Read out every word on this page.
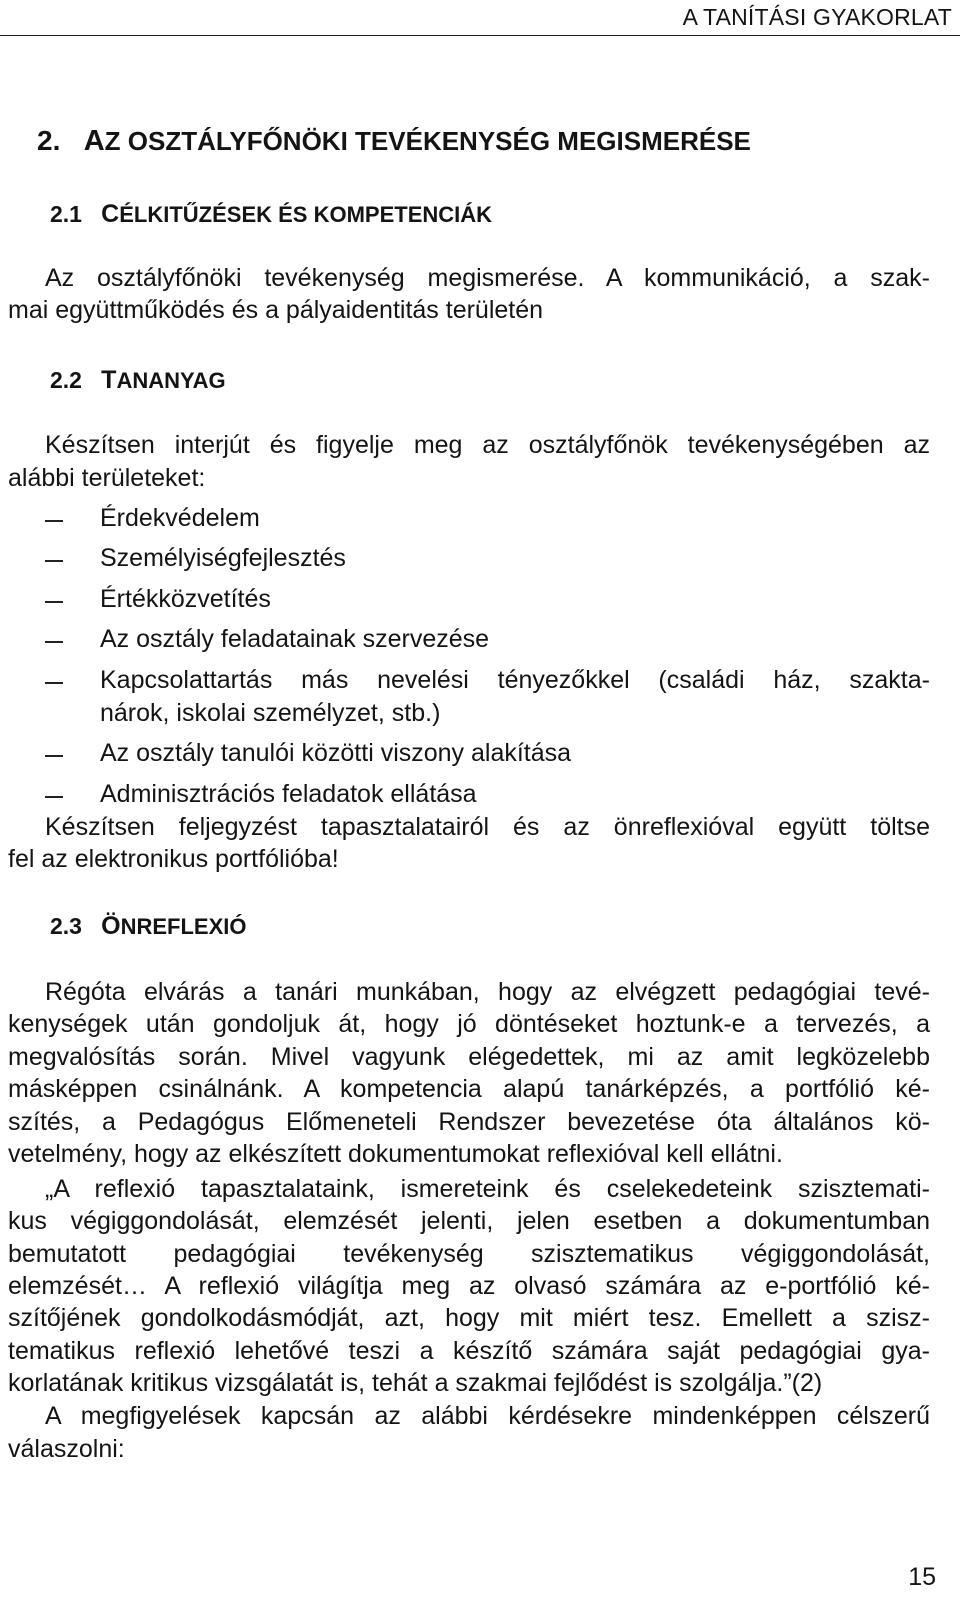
A TANÍTÁSI GYAKORLAT
2. AZ OSZTÁLYFŐNÖKI TEVÉKENYSÉG MEGISMERÉSE
2.1 CÉLKITŰZÉSEK ÉS KOMPETENCIÁK
Az osztályfőnöki tevékenység megismerése. A kommunikáció, a szak-
mai együttműködés és a pályaidentitás területén
2.2 TANANYAG
Készítsen interjút és figyelje meg az osztályfőnök tevékenységében az
alábbi területeket:
Érdekvédelem
Személyiségfejlesztés
Értékközvetítés
Az osztály feladatainak szervezése
Kapcsolattartás más nevelési tényezőkkel (családi ház, szakta-
nárok, iskolai személyzet, stb.)
Az osztály tanulói közötti viszony alakítása
Adminisztrációs feladatok ellátása
Készítsen feljegyzést tapasztalatairól és az önreflexióval együtt töltse
fel az elektronikus portfólióba!
2.3 ÖNREFLEXIÓ
Régóta elvárás a tanári munkában, hogy az elvégzett pedagógiai tevé-
kenységek után gondoljuk át, hogy jó döntéseket hoztunk-e a tervezés, a
megvalósítás során. Mivel vagyunk elégedettek, mi az amit legközelebb
másképpen csinálnánk. A kompetencia alapú tanárképzés, a portfólió ké-
szítés, a Pedagógus Előmeneteli Rendszer bevezetése óta általános kö-
vetelmény, hogy az elkészített dokumentumokat reflexióval kell ellátni.
„A reflexió tapasztalataink, ismereteink és cselekedeteink szisztemati-
kus végiggondolását, elemzését jelenti, jelen esetben a dokumentumban
bemutatott pedagógiai tevékenység szisztematikus végiggondolását,
elemzését… A reflexió világítja meg az olvasó számára az e-portfólió ké-
szítőjének gondolkodásmódját, azt, hogy mit miért tesz. Emellett a szisz-
tematikus reflexió lehetővé teszi a készítő számára saját pedagógiai gya-
korlatának kritikus vizsgálatát is, tehát a szakmai fejlődést is szolgálja.”(2)
A megfigyelések kapcsán az alábbi kérdésekre mindenképpen célszerű
válaszolni:
15
